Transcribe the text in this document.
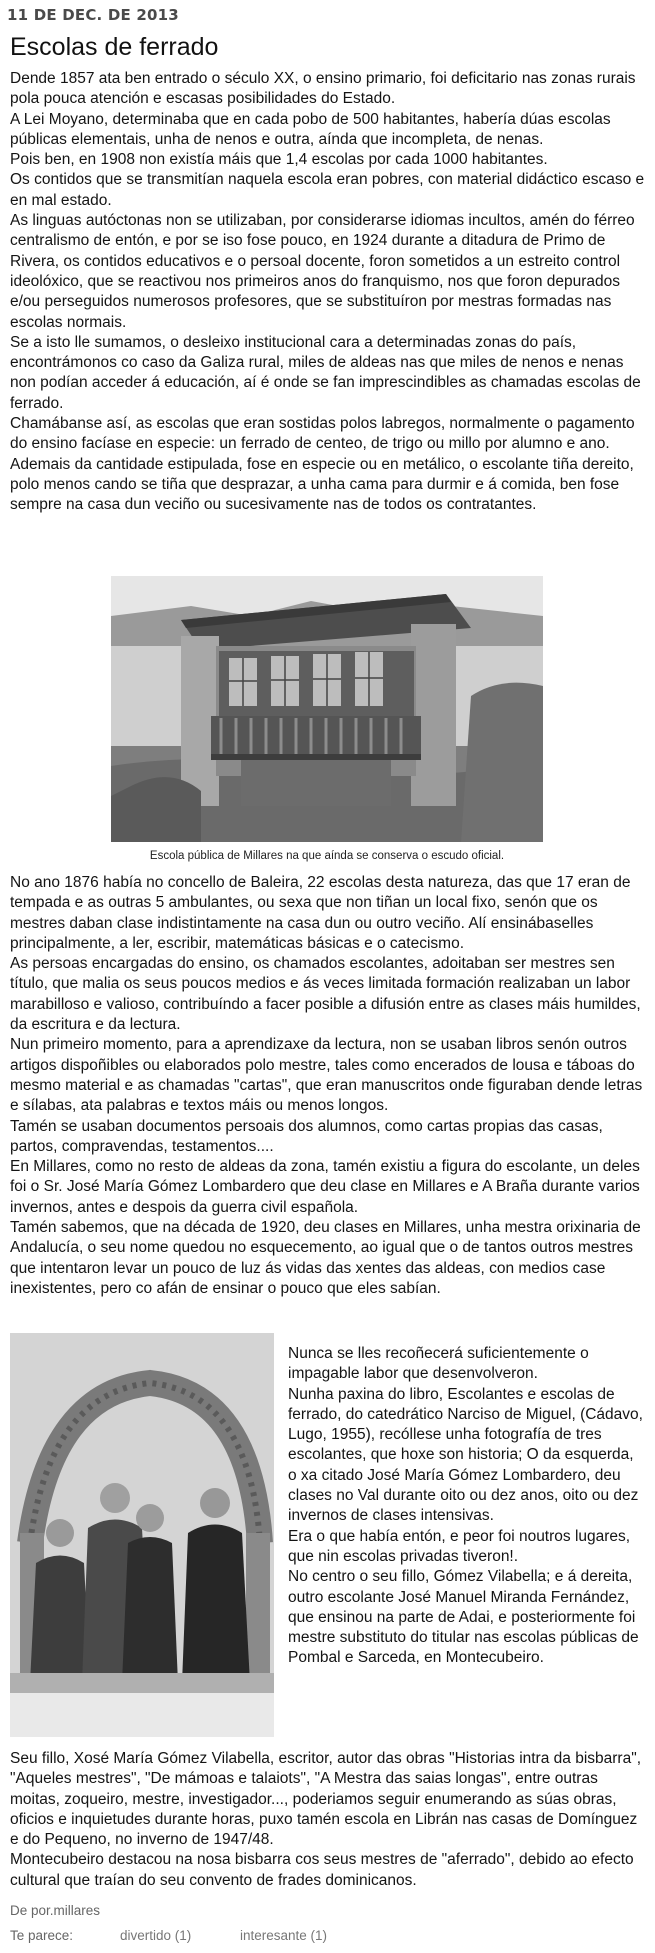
11 DE DEC. DE 2013
Escolas de ferrado

Dende 1857 ata ben entrado o século XX, o ensino primario, foi deficitario nas zonas rurais pola pouca atención e escasas posibilidades do Estado.

A Lei Moyano, determinaba que en cada pobo de 500 habitantes, habería dúas escolas públicas elementais, unha de nenos e outra, aínda que incompleta, de nenas.

Pois ben, en 1908 non existía máis que 1,4 escolas por cada 1000 habitantes.

Os contidos que se transmitían naquela escola eran pobres, con material didáctico escaso e en mal estado.

As linguas autóctonas non se utilizaban, por considerarse idiomas incultos, amén do férreo centralismo de entón, e por se iso fose pouco, en 1924 durante a ditadura de Primo de Rivera, os contidos educativos e o persoal docente, foron sometidos a un estreito control ideolóxico, que se reactivou nos primeiros anos do franquismo, nos que foron depurados e/ou perseguidos numerosos profesores, que se substituíron por mestras formadas nas escolas normais.

Se a isto lle sumamos, o desleixo institucional cara a determinadas zonas do país, encontrámonos co caso da Galiza rural, miles de aldeas nas que miles de nenos e nenas non podían acceder á educación, aí é onde se fan imprescindibles as chamadas escolas de ferrado.

Chamábanse así, as escolas que eran sostidas polos labregos, normalmente o pagamento do ensino facíase en especie: un ferrado de centeo, de trigo ou millo por alumno e ano.

Ademais da cantidade estipulada, fose en especie ou en metálico, o escolante tiña dereito, polo menos cando se tiña que desprazar, a unha cama para durmir e á comida, ben fose sempre na casa dun veciño ou sucesivamente nas de todos os contratantes.

Escola pública de Millares na que aínda se conserva o escudo oficial.

No ano 1876 había no concello de Baleira, 22 escolas desta natureza, das que 17 eran de tempada e as outras 5 ambulantes, ou sexa que non tiñan un local fixo, senón que os mestres daban clase indistintamente na casa dun ou outro veciño. Alí ensinábaselles principalmente, a ler, escribir, matemáticas básicas e o catecismo.

As persoas encargadas do ensino, os chamados escolantes, adoitaban ser mestres sen título, que malia os seus poucos medios e ás veces limitada formación realizaban un labor marabilloso e valioso, contribuíndo a facer posible a difusión entre as clases máis humildes, da escritura e da lectura.

Nun primeiro momento, para a aprendizaxe da lectura, non se usaban libros senón outros artigos dispoñibles ou elaborados polo mestre, tales como encerados de lousa e táboas do mesmo material e as chamadas "cartas", que eran manuscritos onde figuraban dende letras e sílabas, ata palabras e textos máis ou menos longos.

Tamén se usaban documentos persoais dos alumnos, como cartas propias das casas, partos, compravendas, testamentos....

En Millares, como no resto de aldeas da zona, tamén existiu a figura do escolante, un deles foi o Sr. José María Gómez Lombardero que deu clase en Millares e A Braña durante varios invernos, antes e despois da guerra civil española.

Tamén sabemos, que na década de 1920, deu clases en Millares, unha mestra orixinaria de Andalucía, o seu nome quedou no esquecemento, ao igual que o de tantos outros mestres que intentaron levar un pouco de luz ás vidas das xentes das aldeas, con medios case inexistentes, pero co afán de ensinar o pouco que eles sabían.

Nunca se lles recoñecerá suficientemente o impagable labor que desenvolveron.

Nunha paxina do libro, Escolantes e escolas de ferrado, do catedrático Narciso de Miguel, (Cádavo, Lugo, 1955), recóllese unha fotografía de tres escolantes, que hoxe son historia; O da esquerda, o xa citado José María Gómez Lombardero, deu clases no Val durante oito ou dez anos, oito ou dez invernos de clases intensivas.

Era o que había entón, e peor foi noutros lugares, que nin escolas privadas tiveron!.

No centro o seu fillo, Gómez Vilabella; e á dereita, outro escolante José Manuel Miranda Fernández, que ensinou na parte de Adai, e posteriormente foi mestre substituto do titular nas escolas públicas de Pombal e Sarceda, en Montecubeiro.

Seu fillo, Xosé María Gómez Vilabella, escritor, autor das obras "Historias intra da bisbarra", "Aqueles mestres", "De mámoas e talaiots", "A Mestra das saias longas", entre outras moitas, zoqueiro, mestre, investigador..., poderiamos seguir enumerando as súas obras, oficios e inquietudes durante horas, puxo tamén escola en Librán nas casas de Domínguez e do Pequeno, no inverno de 1947/48.

Montecubeiro destacou na nosa bisbarra cos seus mestres de "aferrado", debido ao efecto cultural que traían do seu convento de frades dominicanos.

De por.millares
Te parece:	divertido (1)	interesante (1)
